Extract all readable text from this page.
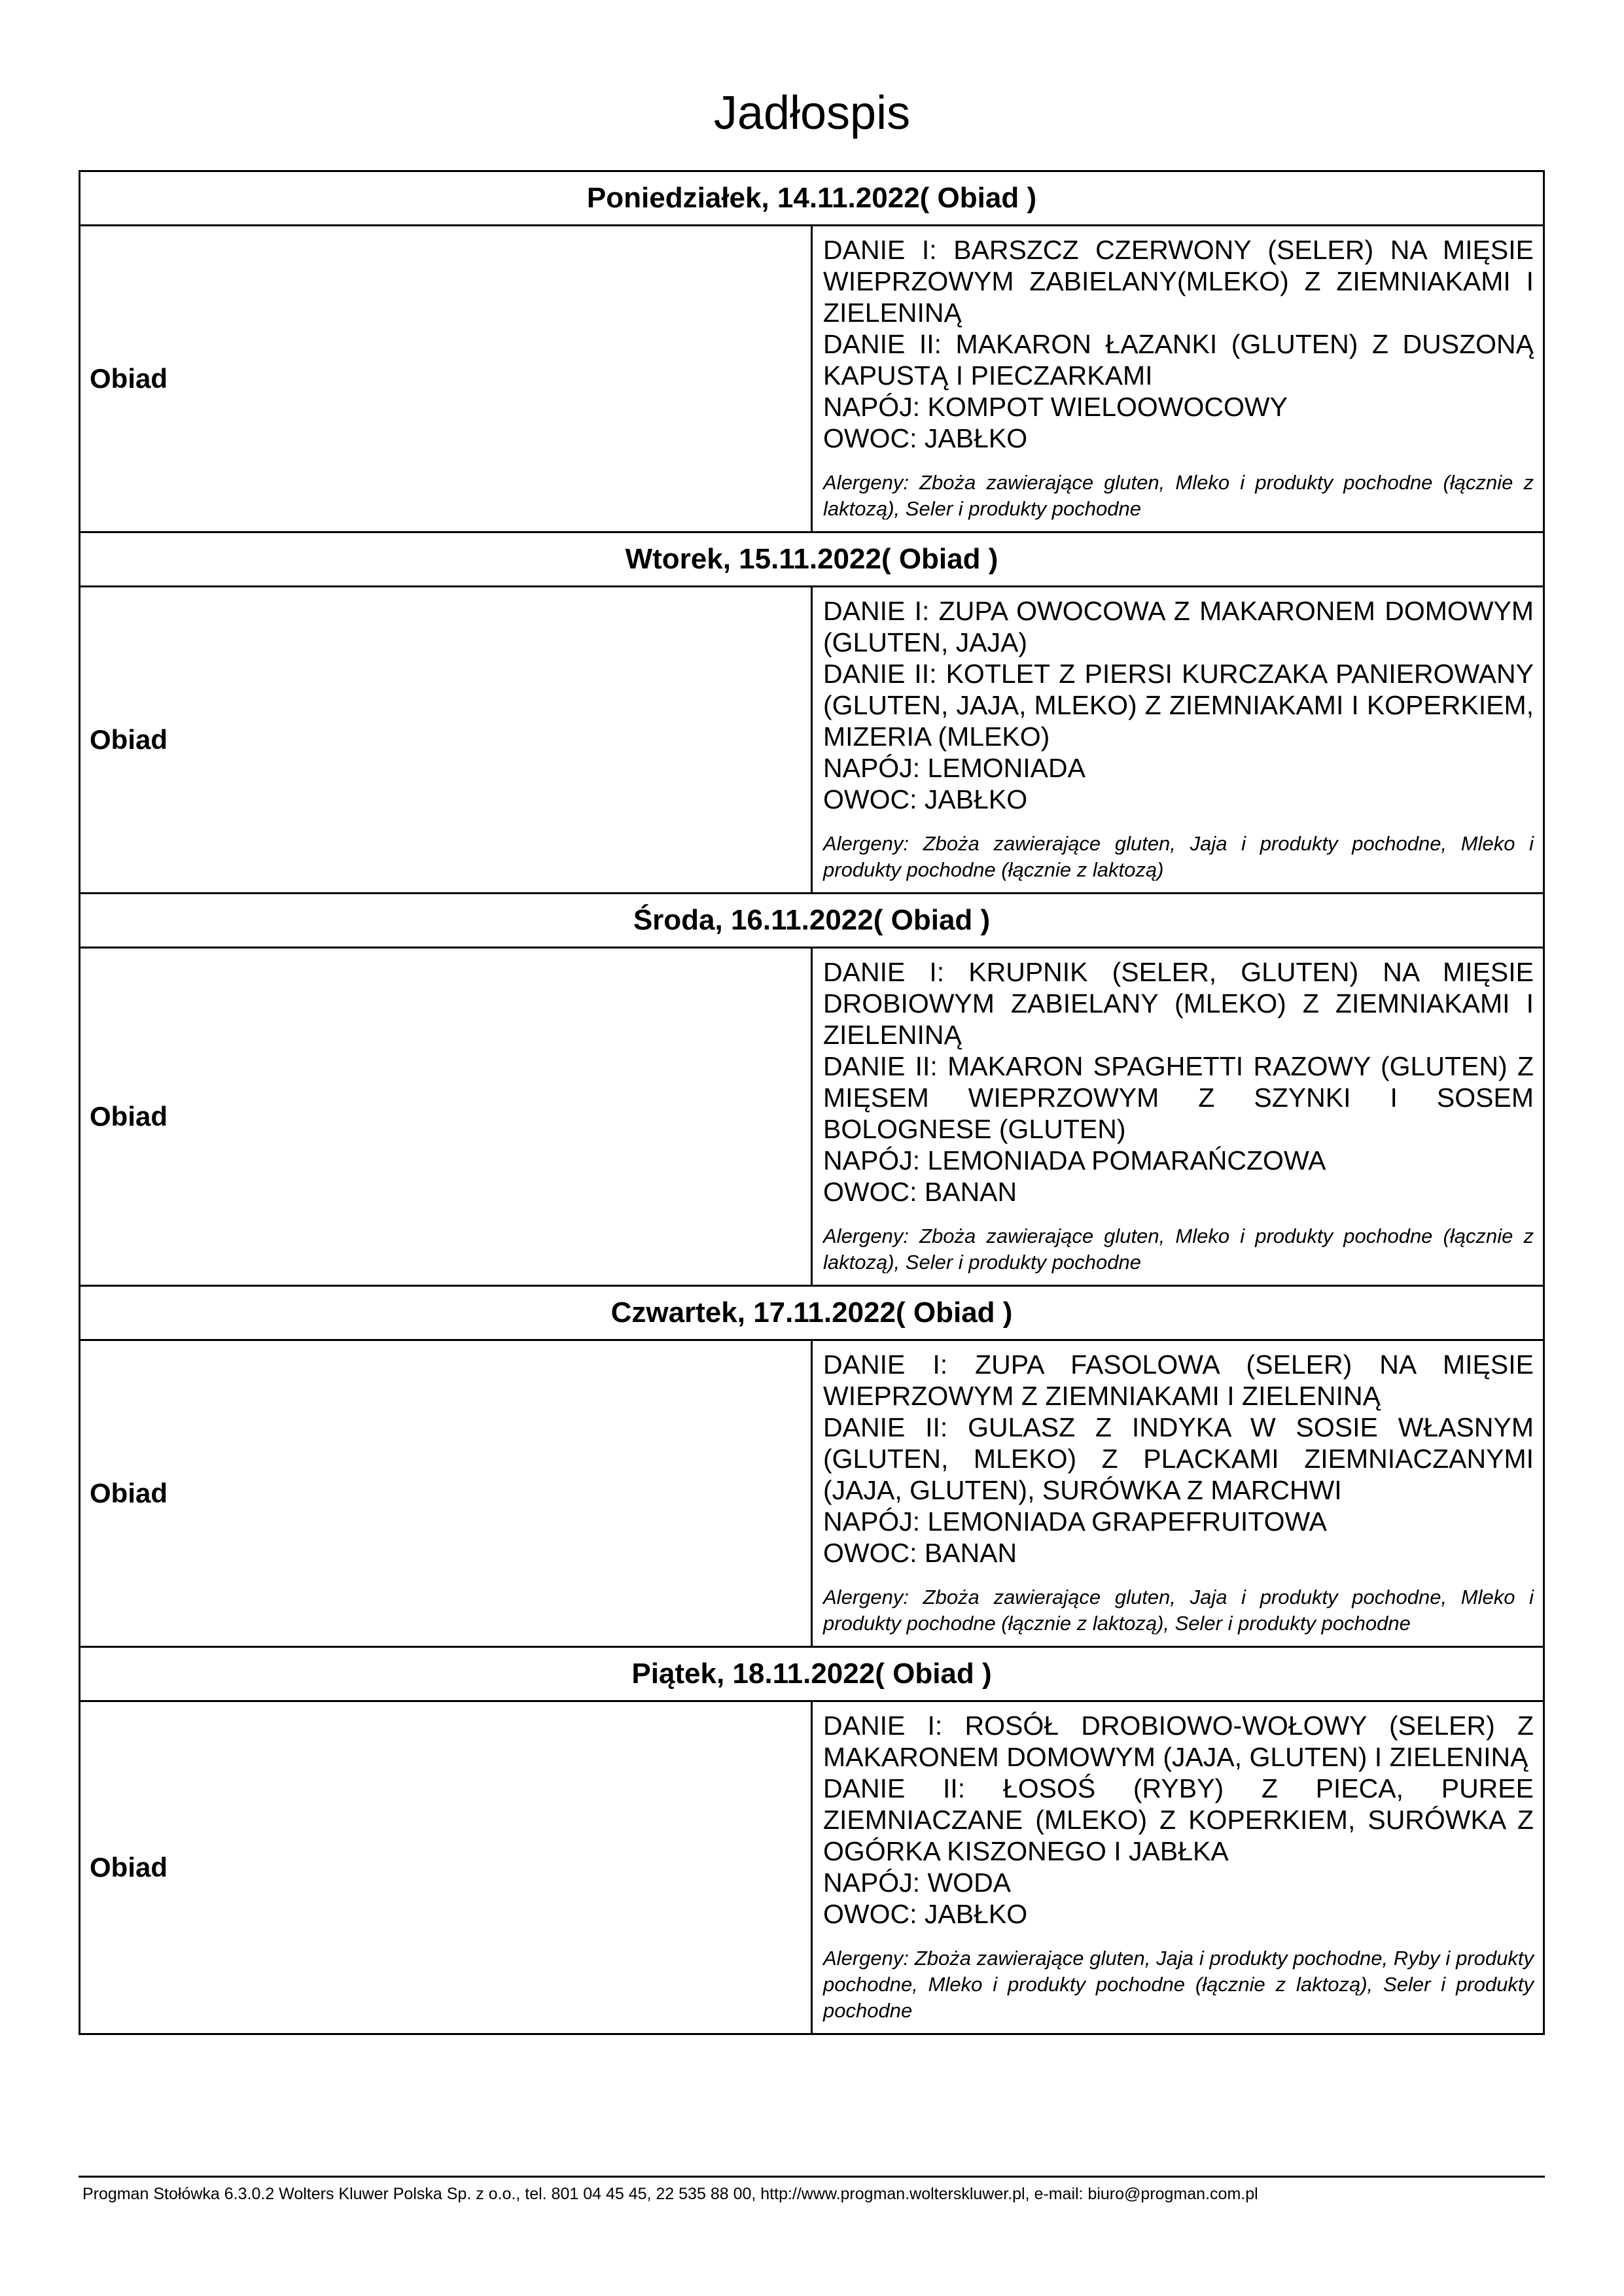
Jadłospis
Poniedziałek, 14.11.2022( Obiad )	
Obiad	DANIE I: BARSZCZ CZERWONY (SELER) NA MIĘSIE WIEPRZOWYM ZABIELANY(MLEKO) Z ZIEMNIAKAMI I ZIELENINĄ
DANIE II: MAKARON ŁAZANKI (GLUTEN) Z DUSZONĄ KAPUSTĄ I PIECZARKAMI
NAPÓJ: KOMPOT WIELOOWOCOWY
OWOC: JABŁKO
Alergeny: Zboża zawierające gluten, Mleko i produkty pochodne (łącznie z laktozą), Seler i produkty pochodne

Wtorek, 15.11.2022( Obiad )	
Obiad	DANIE I: ZUPA OWOCOWA Z MAKARONEM DOMOWYM (GLUTEN, JAJA)
DANIE II: KOTLET Z PIERSI KURCZAKA PANIEROWANY (GLUTEN, JAJA, MLEKO) Z ZIEMNIAKAMI I KOPERKIEM, MIZERIA (MLEKO)
NAPÓJ: LEMONIADA
OWOC: JABŁKO
Alergeny: Zboża zawierające gluten, Jaja i produkty pochodne, Mleko i produkty pochodne (łącznie z laktozą)

Środa, 16.11.2022( Obiad )	
Obiad	DANIE I: KRUPNIK (SELER, GLUTEN) NA MIĘSIE DROBIOWYM ZABIELANY (MLEKO) Z ZIEMNIAKAMI I ZIELENINĄ
DANIE II: MAKARON SPAGHETTI RAZOWY (GLUTEN) Z MIĘSEM WIEPRZOWYM Z SZYNKI I SOSEM BOLOGNESE (GLUTEN)
NAPÓJ: LEMONIADA POMARAŃCZOWA
OWOC: BANAN
Alergeny: Zboża zawierające gluten, Mleko i produkty pochodne (łącznie z laktozą), Seler i produkty pochodne

Czwartek, 17.11.2022( Obiad )	
Obiad	DANIE I: ZUPA FASOLOWA (SELER) NA MIĘSIE WIEPRZOWYM Z ZIEMNIAKAMI I ZIELENINĄ
DANIE II: GULASZ Z INDYKA W SOSIE WŁASNYM (GLUTEN, MLEKO) Z PLACKAMI ZIEMNIACZANYMI (JAJA, GLUTEN), SURÓWKA Z MARCHWI
NAPÓJ: LEMONIADA GRAPEFRUITOWA
OWOC: BANAN
Alergeny: Zboża zawierające gluten, Jaja i produkty pochodne, Mleko i produkty pochodne (łącznie z laktozą), Seler i produkty pochodne

Piątek, 18.11.2022( Obiad )	
Obiad	DANIE I: ROSÓŁ DROBIOWO-WOŁOWY (SELER) Z MAKARONEM DOMOWYM (JAJA, GLUTEN) I ZIELENINĄ
DANIE II: ŁOSOŚ (RYBY) Z PIECA, PUREE ZIEMNIACZANE (MLEKO) Z KOPERKIEM, SURÓWKA Z OGÓRKA KISZONEGO I JABŁKA
NAPÓJ: WODA
OWOC: JABŁKO
Alergeny: Zboża zawierające gluten, Jaja i produkty pochodne, Ryby i produkty pochodne, Mleko i produkty pochodne (łącznie z laktozą), Seler i produkty pochodne
Progman Stołówka 6.3.0.2 Wolters Kluwer Polska Sp. z o.o., tel. 801 04 45 45, 22 535 88 00, http://www.progman.wolterskluwer.pl, e-mail: biuro@progman.com.pl
